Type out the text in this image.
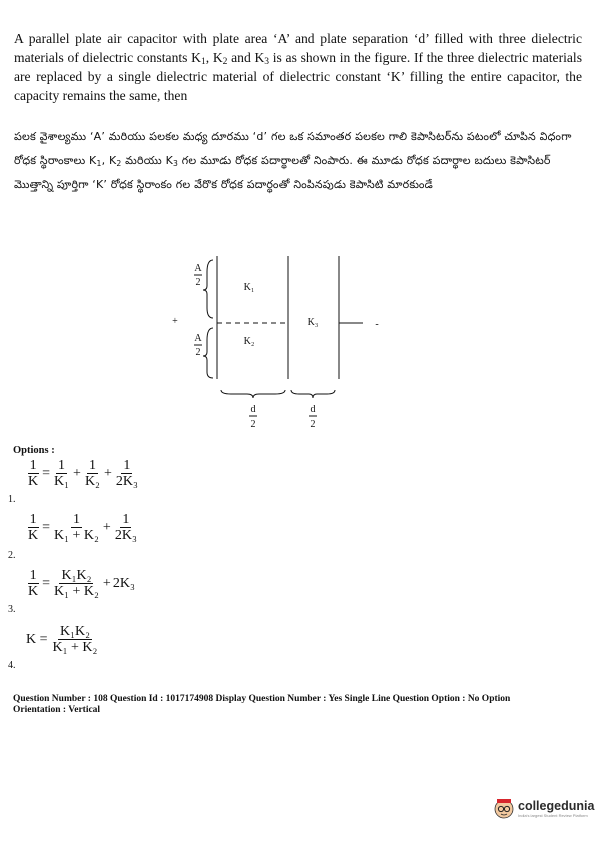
A parallel plate air capacitor with plate area ‘A’ and plate separation ‘d’ filled with three dielectric materials of dielectric constants $K_1$, $K_2$ and $K_3$ is as shown in the figure. If the three dielectric materials are replaced by a single dielectric material of dielectric constant ‘K’ filling the entire capacitor, the capacity remains the same, then
పలక వైశాల్యము ‘A’ మరియు పలకల మధ్య దూరము ‘d’ గల ఒక సమాంతర పలకల గాలి కెపాసిటర్‌ను పటంలో చూపిన విధంగా రోధక స్థిరాంకాలు $K_1$, $K_2$ మరియు $K_3$ గల మూడు రోధక పదార్థాలతో నింపారు. ఈ మూడు రోధక పదార్థాల బదులు కెపాసిటర్ మొత్తాన్ని పూర్తిగా ‘K’ రోధక స్థిరాంకం గల వేరొక రోధక పదార్థంతో నింపినపుడు కెపాసిటి మారకుండే
A
2
A
2
+	-
K₁
K₂
K₃
d
2
d
2
Options :
$\frac{1}{K} = \frac{1}{\text{K₁}} + \frac{1}{\text{K₂}} + \frac{1}{\text{2K₃}}$
1.
$\frac{1}{K} = \frac{1}{\text{K₁ + K₂}} + \frac{1}{\text{2K₃}}$
2.
$\frac{1}{K} = \frac{\text{K₁K₂}}{\text{K₁ + K₂}} + 2K_3$
3.
$K = \frac{\text{K₁K₂}}{\text{K₁ + K₂}}$
4.
Question Number : 108 Question Id : 1017174908 Display Question Number : Yes Single Line Question Option : No Option
Orientation : Vertical
collegedunia
India's largest Student Review Platform
